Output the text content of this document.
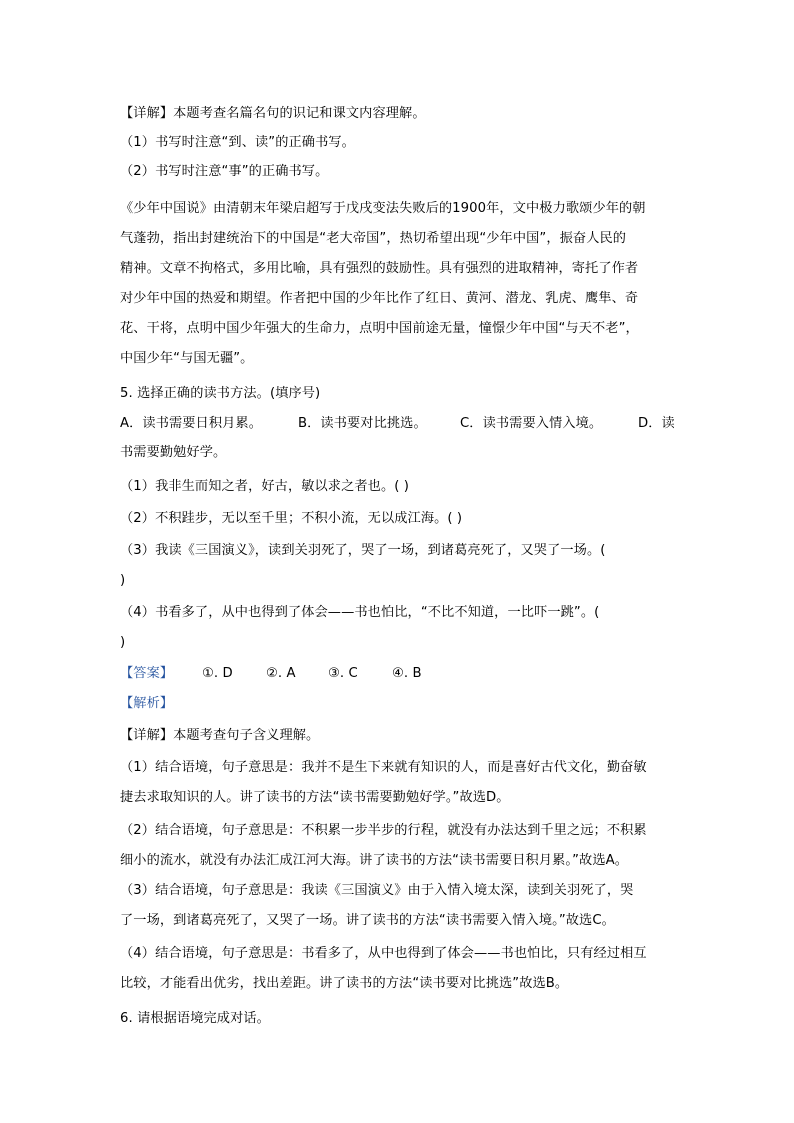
【详解】本题考查名篇名句的识记和课文内容理解。
（1）书写时注意“到、读”的正确书写。
（2）书写时注意“事”的正确书写。
《少年中国说》由清朝末年梁启超写于戊戌变法失败后的1900年，文中极力歌颂少年的朝
气蓬勃，指出封建统治下的中国是“老大帝国”，热切希望出现“少年中国”，振奋人民的
精神。文章不拘格式，多用比喻，具有强烈的鼓励性。具有强烈的进取精神，寄托了作者
对少年中国的热爱和期望。作者把中国的少年比作了红日、黄河、潜龙、乳虎、鹰隼、奇
花、干将，点明中国少年强大的生命力，点明中国前途无量，憧憬少年中国“与天不老”，
中国少年“与国无疆”。
5. 选择正确的读书方法。(填序号)
A．读书需要日积月累。	B．读书要对比挑选。	C．读书需要入情入境。	D．读
书需要勤勉好学。
（1）我非生而知之者，好古，敏以求之者也。( )
（2）不积跬步，无以至千里；不积小流，无以成江海。( )
（3）我读《三国演义》，读到关羽死了，哭了一场，到诸葛亮死了，又哭了一场。(
)
（4）书看多了，从中也得到了体会——书也怕比，“不比不知道，一比吓一跳”。(
)
【答案】 ①. D	②. A ③. C	④. B
【解析】
【详解】本题考查句子含义理解。
（1）结合语境，句子意思是：我并不是生下来就有知识的人，而是喜好古代文化，勤奋敏
捷去求取知识的人。讲了读书的方法“读书需要勤勉好学。”故选D。
（2）结合语境，句子意思是：不积累一步半步的行程，就没有办法达到千里之远；不积累
细小的流水，就没有办法汇成江河大海。讲了读书的方法“读书需要日积月累。”故选A。
（3）结合语境，句子意思是：我读《三国演义》由于入情入境太深，读到关羽死了，哭
了一场，到诸葛亮死了，又哭了一场。讲了读书的方法“读书需要入情入境。”故选C。
（4）结合语境，句子意思是：书看多了，从中也得到了体会——书也怕比，只有经过相互
比较，才能看出优劣，找出差距。讲了读书的方法“读书要对比挑选”故选B。
6. 请根据语境完成对话。
